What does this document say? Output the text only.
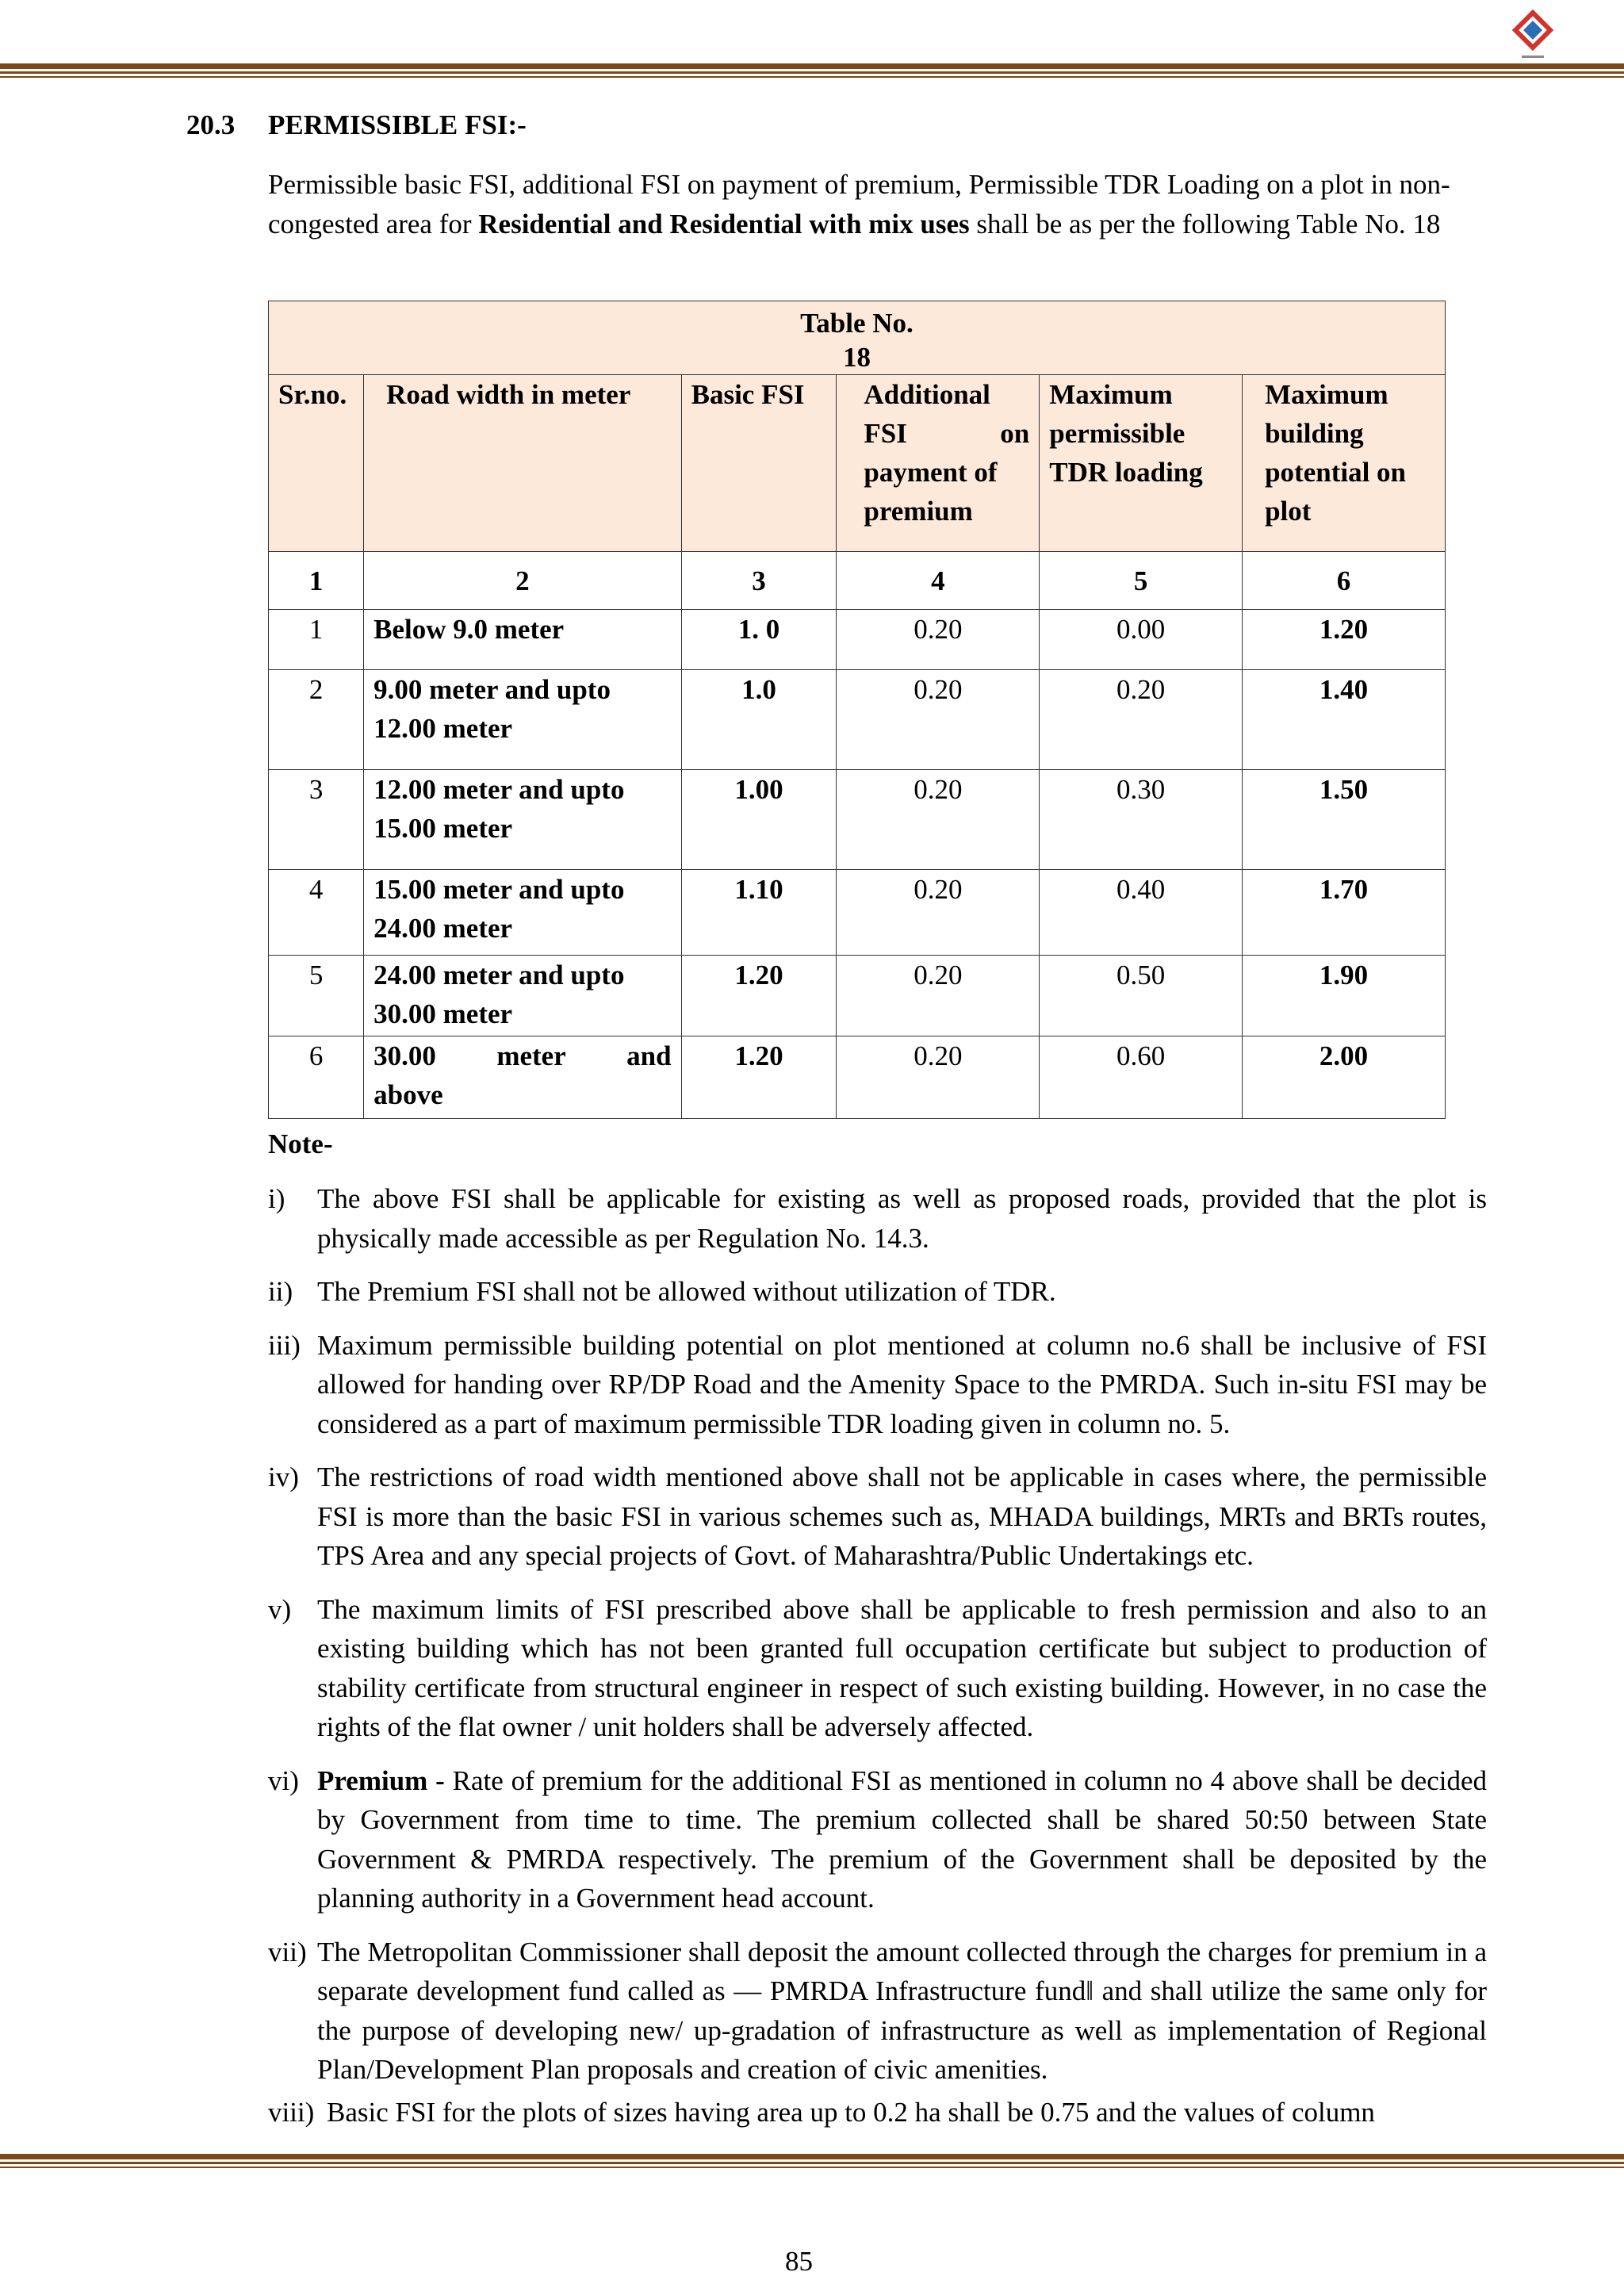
20.3 PERMISSIBLE FSI:-
Permissible basic FSI, additional FSI on payment of premium, Permissible TDR Loading on a plot in non-congested area for Residential and Residential with mix uses shall be as per the following Table No. 18
Table No.
18					
Sr.no.	Road width in meter	Basic FSI	Additional
FSI on
payment of
premium	Maximum permissible TDR loading	Maximum building potential on plot
1	2	3	4	5	6
1	Below 9.0 meter	1. 0	0.20	0.00	1.20
2	9.00 meter and upto 12.00 meter	1.0	0.20	0.20	1.40
3	12.00 meter and upto 15.00 meter	1.00	0.20	0.30	1.50
4	15.00 meter and upto 24.00 meter	1.10	0.20	0.40	1.70
5	24.00 meter and upto 30.00 meter	1.20	0.20	0.50	1.90
6	30.00 meter and
above	1.20	0.20	0.60	2.00
Note-
i) The above FSI shall be applicable for existing as well as proposed roads, provided that the plot is physically made accessible as per Regulation No. 14.3.
ii) The Premium FSI shall not be allowed without utilization of TDR.
iii) Maximum permissible building potential on plot mentioned at column no.6 shall be inclusive of FSI allowed for handing over RP/DP Road and the Amenity Space to the PMRDA. Such in-situ FSI may be considered as a part of maximum permissible TDR loading given in column no. 5.
iv) The restrictions of road width mentioned above shall not be applicable in cases where, the permissible FSI is more than the basic FSI in various schemes such as, MHADA buildings, MRTs and BRTs routes, TPS Area and any special projects of Govt. of Maharashtra/Public Undertakings etc.
v) The maximum limits of FSI prescribed above shall be applicable to fresh permission and also to an existing building which has not been granted full occupation certificate but subject to production of stability certificate from structural engineer in respect of such existing building. However, in no case the rights of the flat owner / unit holders shall be adversely affected.
vi) Premium - Rate of premium for the additional FSI as mentioned in column no 4 above shall be decided by Government from time to time. The premium collected shall be shared 50:50 between State Government & PMRDA respectively. The premium of the Government shall be deposited by the planning authority in a Government head account.
vii) The Metropolitan Commissioner shall deposit the amount collected through the charges for premium in a separate development fund called as ― PMRDA Infrastructure fund‖ and shall utilize the same only for the purpose of developing new/ up-gradation of infrastructure as well as implementation of Regional Plan/Development Plan proposals and creation of civic amenities.
viii) Basic FSI for the plots of sizes having area up to 0.2 ha shall be 0.75 and the values of column
85
